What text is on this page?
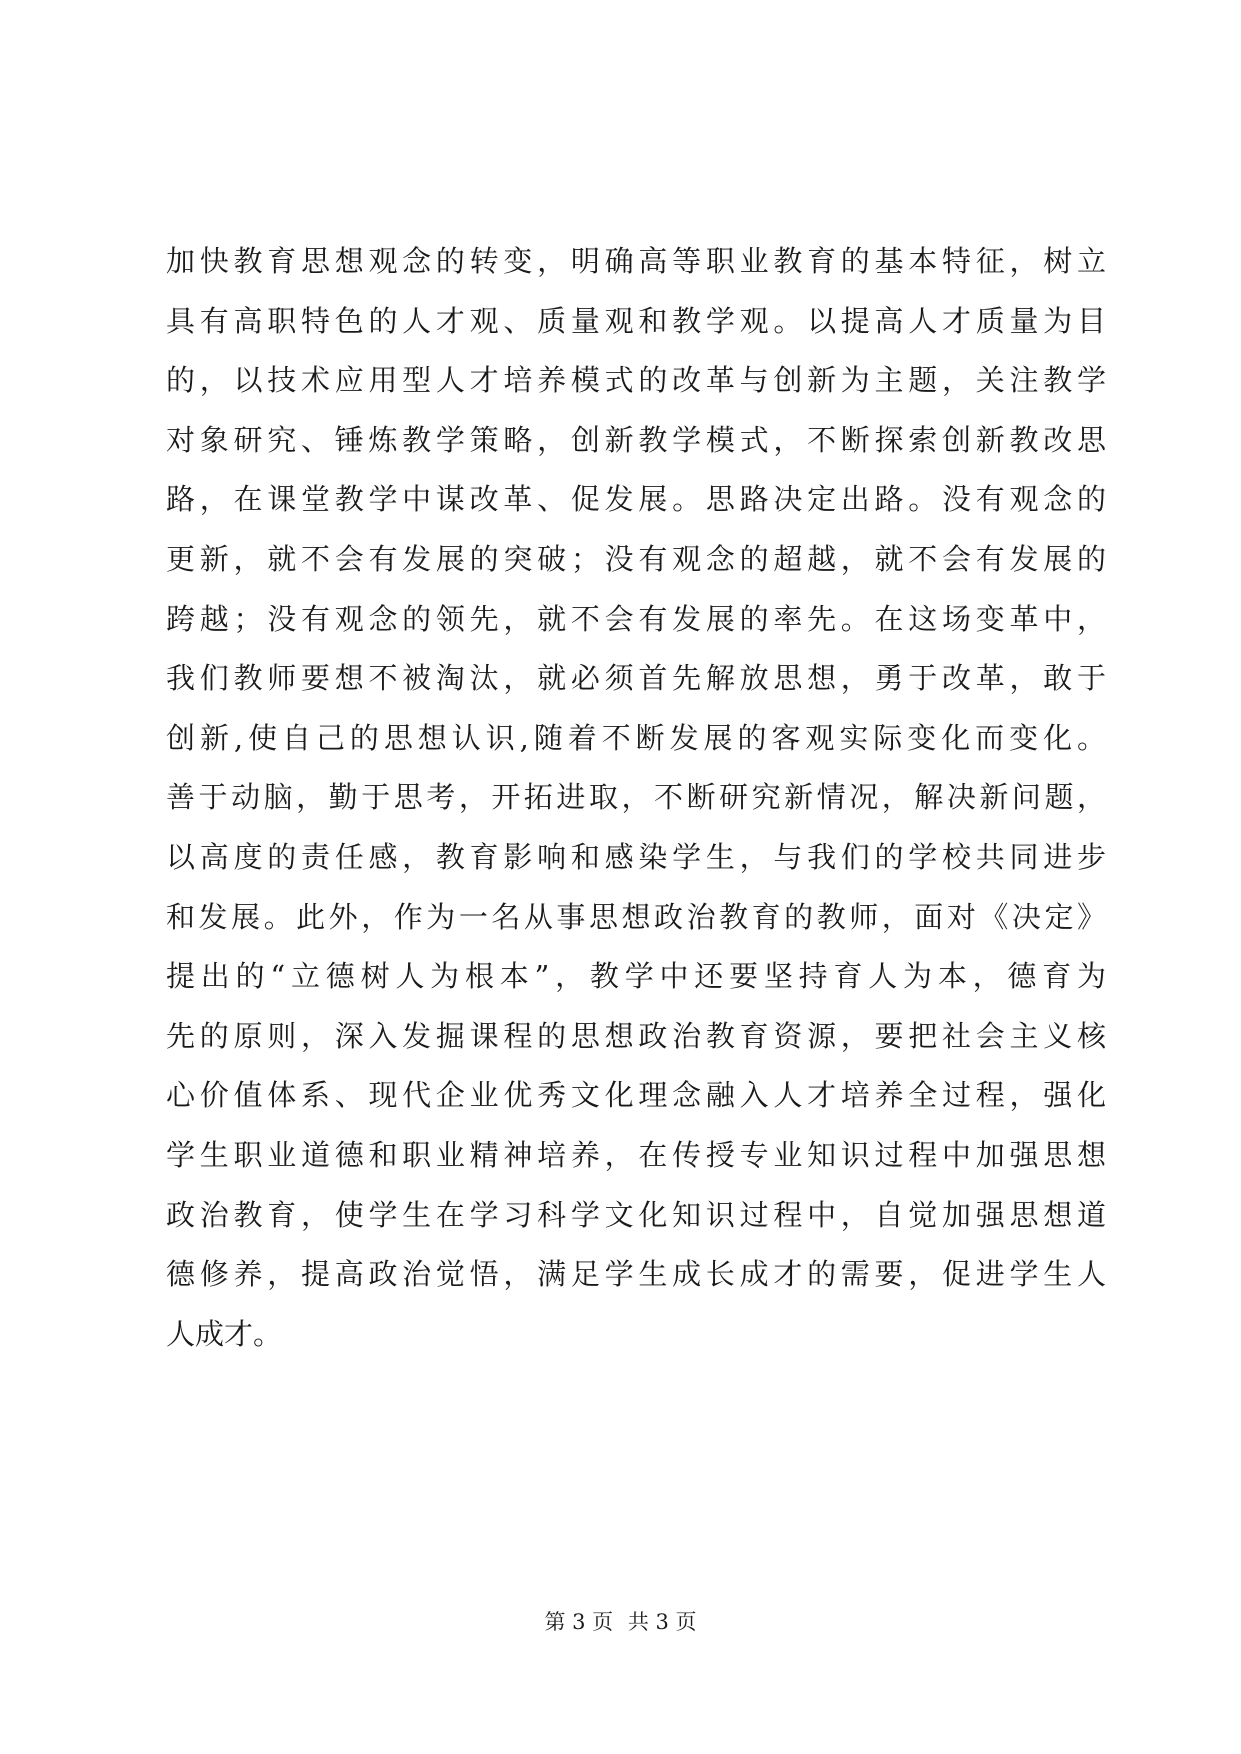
加快教育思想观念的转变，明确高等职业教育的基本特征，树立
具有高职特色的人才观、质量观和教学观。以提高人才质量为目
的，以技术应用型人才培养模式的改革与创新为主题，关注教学
对象研究、锤炼教学策略，创新教学模式，不断探索创新教改思
路，在课堂教学中谋改革、促发展。思路决定出路。没有观念的
更新，就不会有发展的突破；没有观念的超越，就不会有发展的
跨越；没有观念的领先，就不会有发展的率先。在这场变革中，
我们教师要想不被淘汰，就必须首先解放思想，勇于改革，敢于
创新,使自己的思想认识,随着不断发展的客观实际变化而变化。
善于动脑，勤于思考，开拓进取，不断研究新情况，解决新问题，
以高度的责任感，教育影响和感染学生，与我们的学校共同进步
和发展。此外，作为一名从事思想政治教育的教师，面对《决定》
提出的“立德树人为根本”，教学中还要坚持育人为本，德育为
先的原则，深入发掘课程的思想政治教育资源，要把社会主义核
心价值体系、现代企业优秀文化理念融入人才培养全过程，强化
学生职业道德和职业精神培养，在传授专业知识过程中加强思想
政治教育，使学生在学习科学文化知识过程中，自觉加强思想道
德修养，提高政治觉悟，满足学生成长成才的需要，促进学生人
人成才。
第 3 页 共 3 页
